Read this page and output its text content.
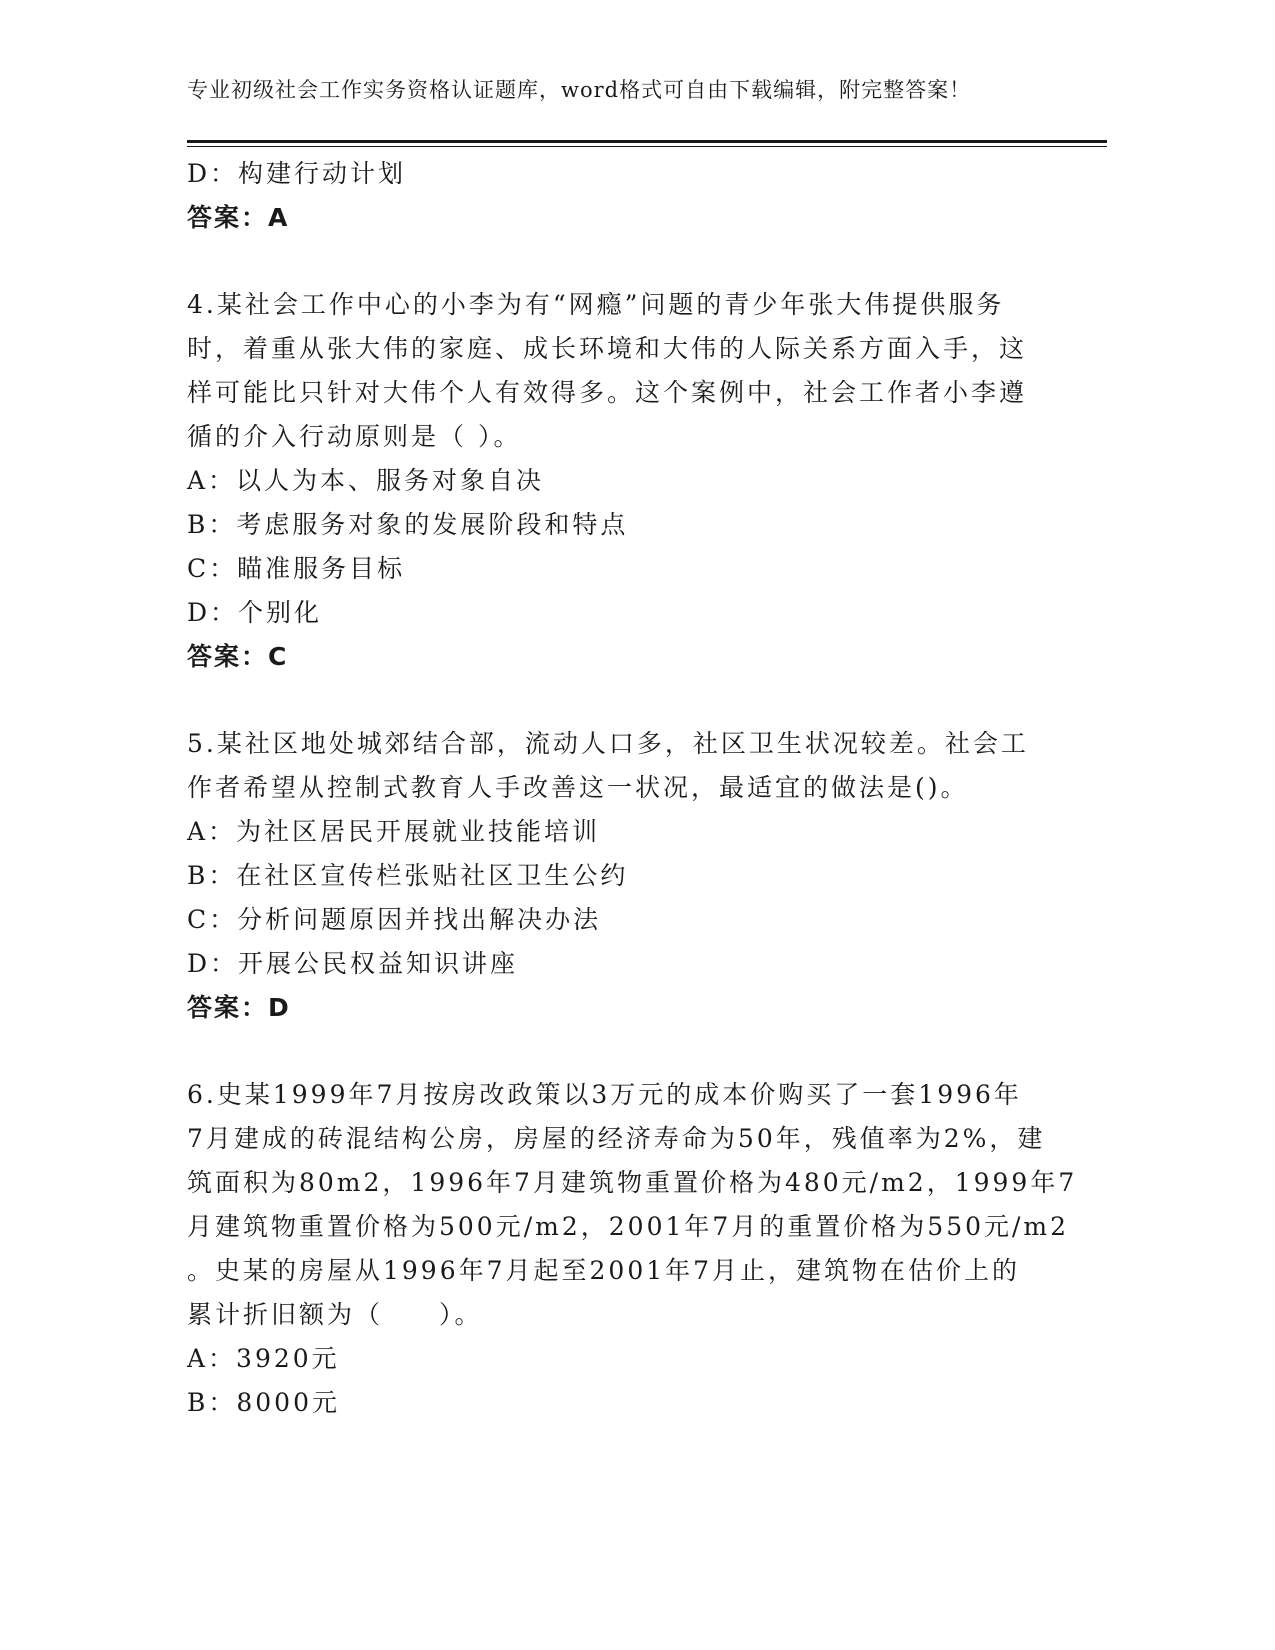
专业初级社会工作实务资格认证题库，word格式可自由下载编辑，附完整答案！
D：构建行动计划
答案：A
4.某社会工作中心的小李为有“网瘾”问题的青少年张大伟提供服务
时，着重从张大伟的家庭、成长环境和大伟的人际关系方面入手，这
样可能比只针对大伟个人有效得多。这个案例中，社会工作者小李遵
循的介入行动原则是（ ）。
A：以人为本、服务对象自决
B：考虑服务对象的发展阶段和特点
C：瞄准服务目标
D：个别化
答案：C
5.某社区地处城郊结合部，流动人口多，社区卫生状况较差。社会工
作者希望从控制式教育人手改善这一状况，最适宜的做法是()。
A：为社区居民开展就业技能培训
B：在社区宣传栏张贴社区卫生公约
C：分析问题原因并找出解决办法
D：开展公民权益知识讲座
答案：D
6.史某1999年7月按房改政策以3万元的成本价购买了一套1996年
7月建成的砖混结构公房，房屋的经济寿命为50年，残值率为2%，建
筑面积为80m2，1996年7月建筑物重置价格为480元/m2，1999年7
月建筑物重置价格为500元/m2，2001年7月的重置价格为550元/m2
。史某的房屋从1996年7月起至2001年7月止，建筑物在估价上的
累计折旧额为（　　）。
A：3920元
B：8000元
